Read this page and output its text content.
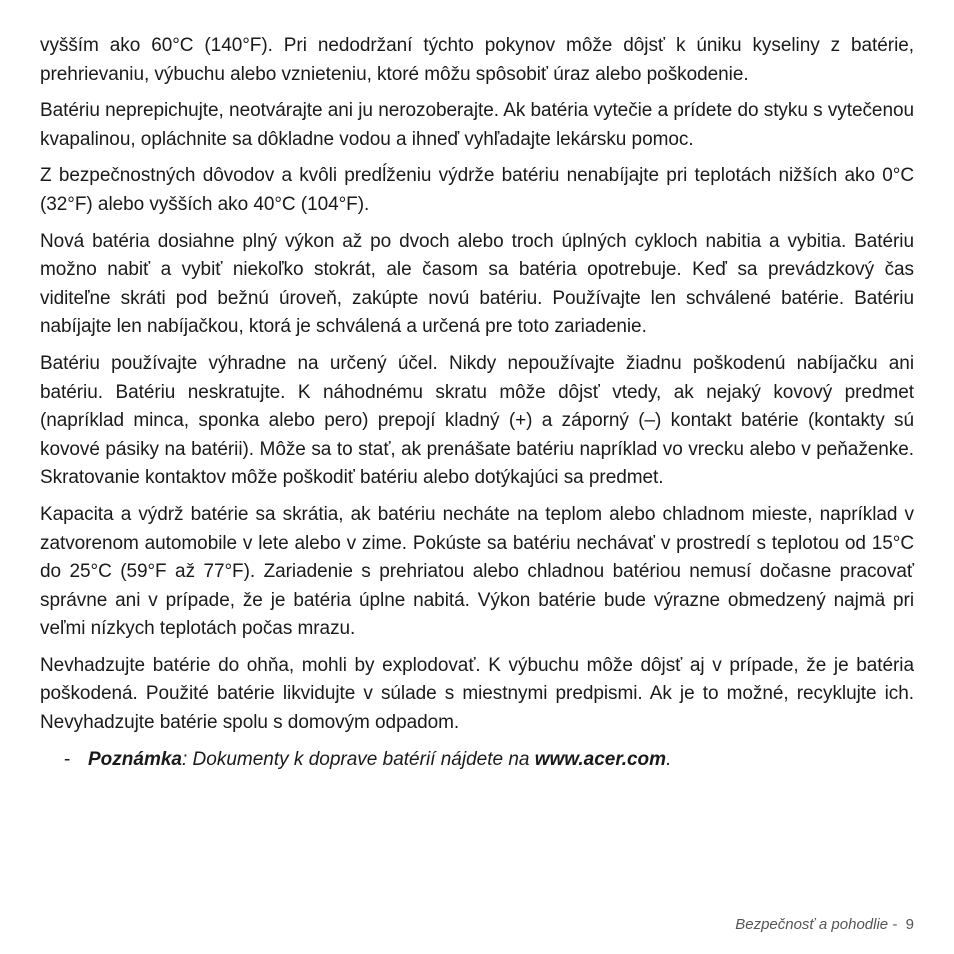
vyšším ako 60°C (140°F). Pri nedodržaní týchto pokynov môže dôjsť k úniku kyseliny z batérie, prehrievaniu, výbuchu alebo vznieteniu, ktoré môžu spôsobiť úraz alebo poškodenie.

Batériu neprepichujte, neotvárajte ani ju nerozoberajte. Ak batéria vytečie a prídete do styku s vytečenou kvapalinou, opláchnite sa dôkladne vodou a ihneď vyhľadajte lekársku pomoc.

Z bezpečnostných dôvodov a kvôli predĺženiu výdrže batériu nenabíjajte pri teplotách nižších ako 0°C (32°F) alebo vyšších ako 40°C (104°F).

Nová batéria dosiahne plný výkon až po dvoch alebo troch úplných cykloch nabitia a vybitia. Batériu možno nabiť a vybiť niekoľko stokrát, ale časom sa batéria opotrebuje. Keď sa prevádzkový čas viditeľne skráti pod bežnú úroveň, zakúpte novú batériu. Používajte len schválené batérie. Batériu nabíjajte len nabíjačkou, ktorá je schválená a určená pre toto zariadenie.

Batériu používajte výhradne na určený účel. Nikdy nepoužívajte žiadnu poškodenú nabíjačku ani batériu. Batériu neskratujte. K náhodnému skratu môže dôjsť vtedy, ak nejaký kovový predmet (napríklad minca, sponka alebo pero) prepojí kladný (+) a záporný (–) kontakt batérie (kontakty sú kovové pásiky na batérii). Môže sa to stať, ak prenášate batériu napríklad vo vrecku alebo v peňaženke. Skratovanie kontaktov môže poškodiť batériu alebo dotýkajúci sa predmet.

Kapacita a výdrž batérie sa skrátia, ak batériu necháte na teplom alebo chladnom mieste, napríklad v zatvorenom automobile v lete alebo v zime. Pokúste sa batériu nechávať v prostredí s teplotou od 15°C do 25°C (59°F až 77°F). Zariadenie s prehriatou alebo chladnou batériou nemusí dočasne pracovať správne ani v prípade, že je batéria úplne nabitá. Výkon batérie bude výrazne obmedzený najmä pri veľmi nízkych teplotách počas mrazu.

Nevhadzujte batérie do ohňa, mohli by explodovať. K výbuchu môže dôjsť aj v prípade, že je batéria poškodená. Použité batérie likvidujte v súlade s miestnymi predpismi. Ak je to možné, recyklujte ich. Nevyhadzujte batérie spolu s domovým odpadom.

- Poznámka: Dokumenty k doprave batérií nájdete na www.acer.com.

Bezpečnosť a pohodlie - 9
